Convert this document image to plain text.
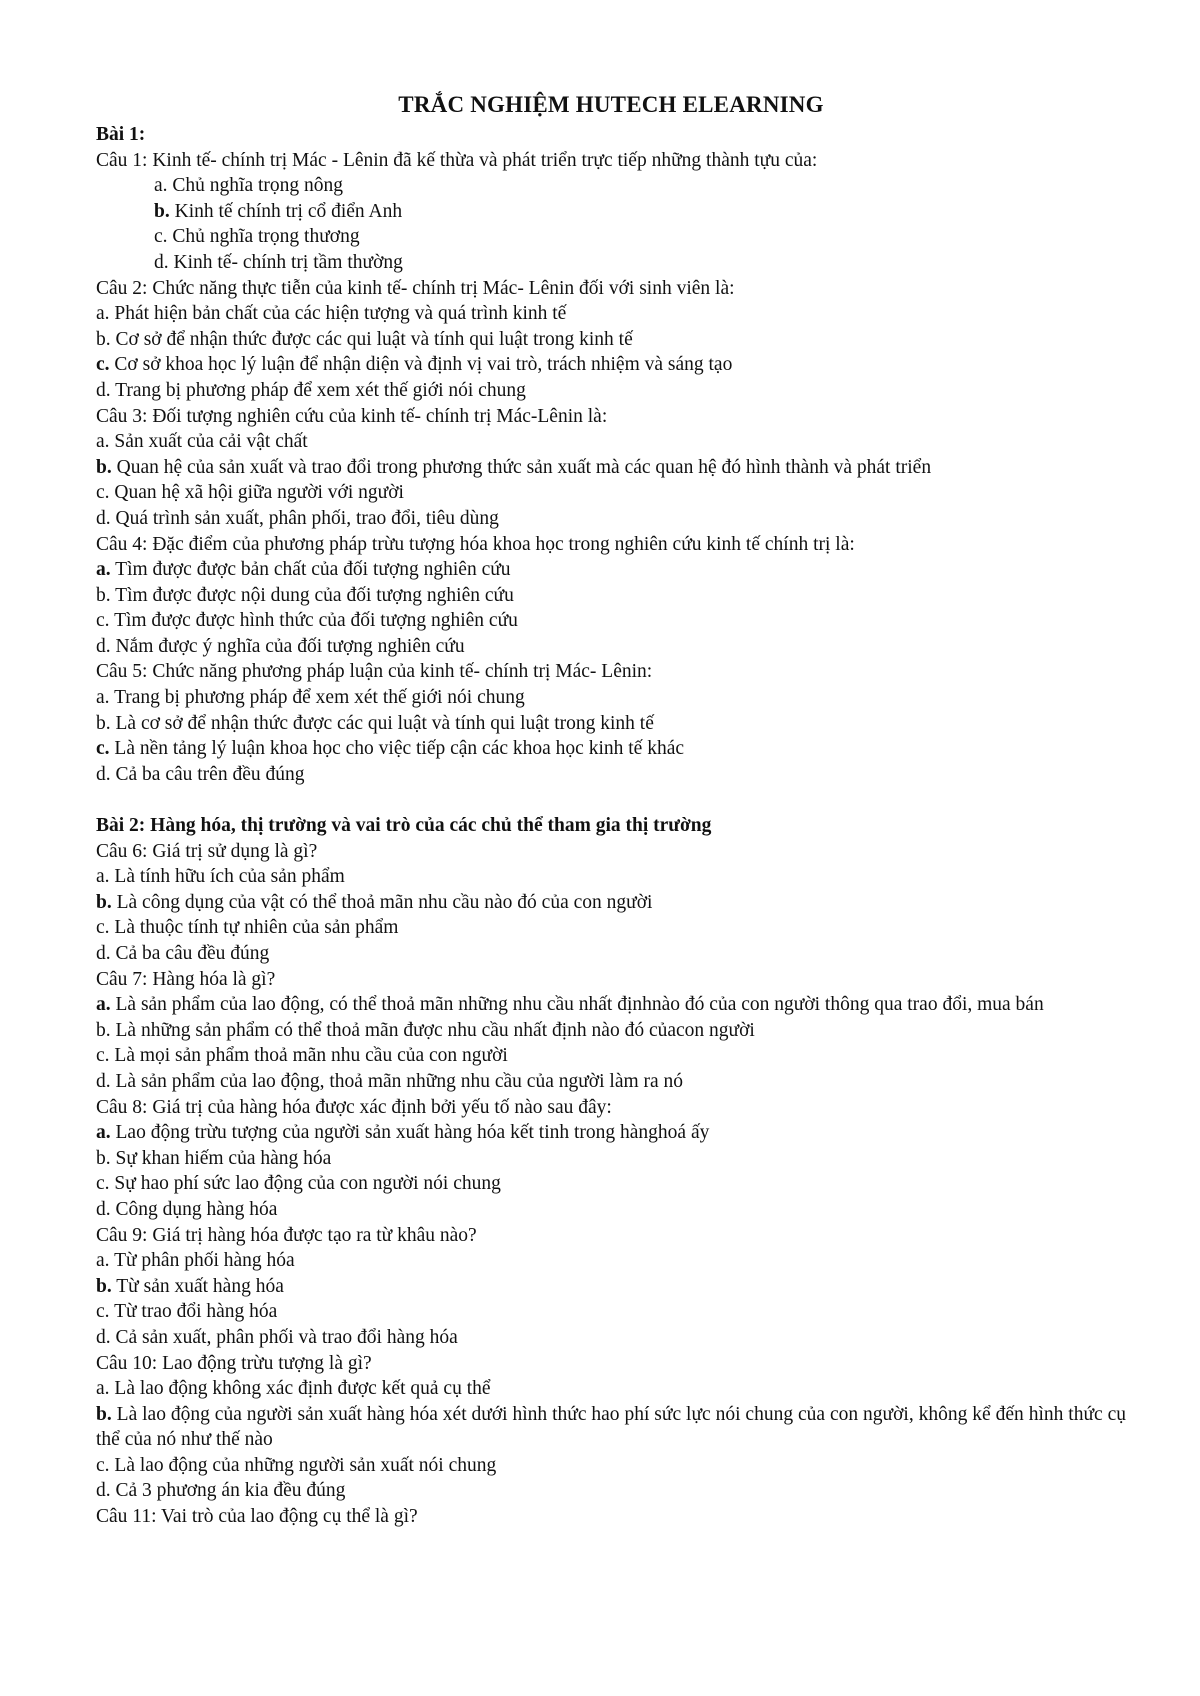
TRẮC NGHIỆM HUTECH ELEARNING
Bài 1:
Câu 1: Kinh tế- chính trị Mác - Lênin đã kế thừa và phát triển trực tiếp những thành tựu của:
a. Chủ nghĩa trọng nông
b. Kinh tế chính trị cổ điển Anh
c. Chủ nghĩa trọng thương
d. Kinh tế- chính trị tầm thường
Câu 2: Chức năng thực tiễn của kinh tế- chính trị Mác- Lênin đối với sinh viên là:
a. Phát hiện bản chất của các hiện tượng và quá trình kinh tế
b. Cơ sở để nhận thức được các qui luật và tính qui luật trong kinh tế
c. Cơ sở khoa học lý luận để nhận diện và định vị vai trò, trách nhiệm và sáng tạo
d. Trang bị phương pháp để xem xét thế giới nói chung
Câu 3: Đối tượng nghiên cứu của kinh tế- chính trị Mác-Lênin là:
a. Sản xuất của cải vật chất
b. Quan hệ của sản xuất và trao đổi trong phương thức sản xuất mà các quan hệ đó hình thành và phát triển
c. Quan hệ xã hội giữa người với người
d. Quá trình sản xuất, phân phối, trao đổi, tiêu dùng
Câu 4: Đặc điểm của phương pháp trừu tượng hóa khoa học trong nghiên cứu kinh tế chính trị là:
a. Tìm được được bản chất của đối tượng nghiên cứu
b. Tìm được được nội dung của đối tượng nghiên cứu
c. Tìm được được hình thức của đối tượng nghiên cứu
d. Nắm được ý nghĩa của đối tượng nghiên cứu
Câu 5: Chức năng phương pháp luận của kinh tế- chính trị Mác- Lênin:
a. Trang bị phương pháp để xem xét thế giới nói chung
b. Là cơ sở để nhận thức được các qui luật và tính qui luật trong kinh tế
c. Là nền tảng lý luận khoa học cho việc tiếp cận các khoa học kinh tế khác
d. Cả ba câu trên đều đúng
Bài 2: Hàng hóa, thị trường và vai trò của các chủ thể tham gia thị trường
Câu 6: Giá trị sử dụng là gì?
a. Là tính hữu ích của sản phẩm
b. Là công dụng của vật có thể thoả mãn nhu cầu nào đó của con người
c. Là thuộc tính tự nhiên của sản phẩm
d. Cả ba câu đều đúng
Câu 7: Hàng hóa là gì?
a. Là sản phẩm của lao động, có thể thoả mãn những nhu cầu nhất địnhnào đó của con người thông qua trao đổi, mua bán
b. Là những sản phẩm có thể thoả mãn được nhu cầu nhất định nào đó củacon người
c. Là mọi sản phẩm thoả mãn nhu cầu của con người
d. Là sản phẩm của lao động, thoả mãn những nhu cầu của người làm ra nó
Câu 8: Giá trị của hàng hóa được xác định bởi yếu tố nào sau đây:
a. Lao động trừu tượng của người sản xuất hàng hóa kết tinh trong hànghoá ấy
b. Sự khan hiếm của hàng hóa
c. Sự hao phí sức lao động của con người nói chung
d. Công dụng hàng hóa
Câu 9: Giá trị hàng hóa được tạo ra từ khâu nào?
a. Từ phân phối hàng hóa
b. Từ sản xuất hàng hóa
c. Từ trao đổi hàng hóa
d. Cả sản xuất, phân phối và trao đổi hàng hóa
Câu 10: Lao động trừu tượng là gì?
a. Là lao động không xác định được kết quả cụ thể
b. Là lao động của người sản xuất hàng hóa xét dưới hình thức hao phí sức lực nói chung của con người, không kể đến hình thức cụ thể của nó như thế nào
c. Là lao động của những người sản xuất nói chung
d. Cả 3 phương án kia đều đúng
Câu 11: Vai trò của lao động cụ thể là gì?
